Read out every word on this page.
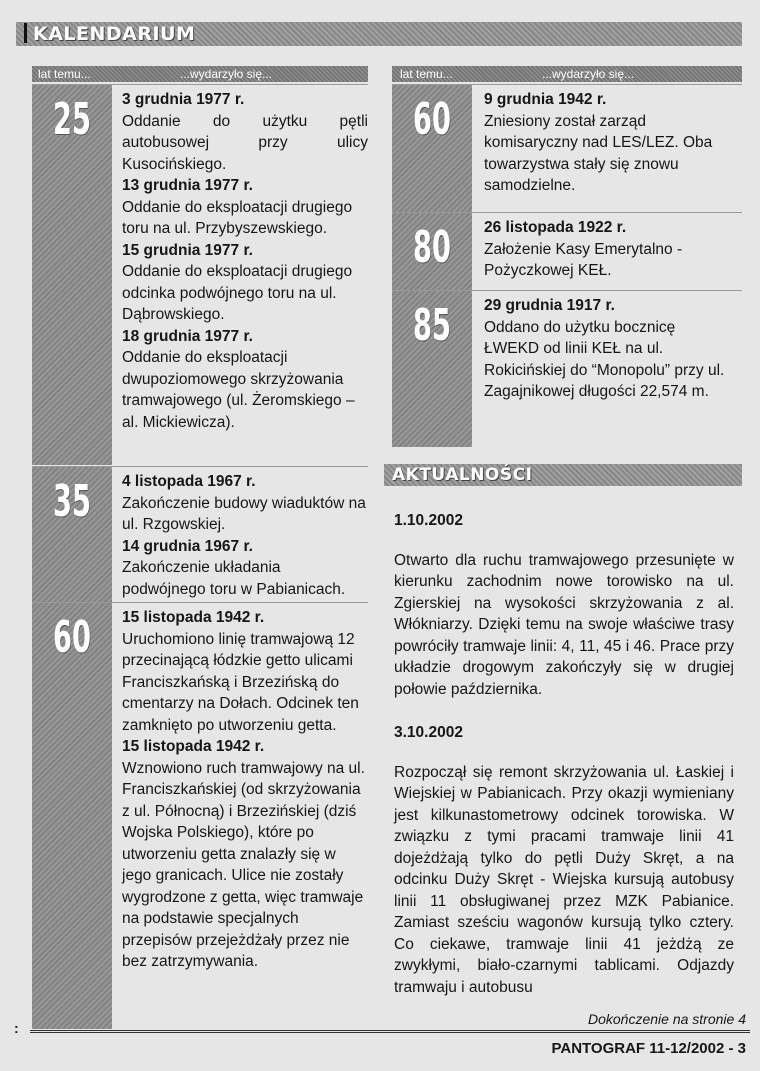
KALENDARIUM
lat temu...	...wydarzyło się...	lat temu...	...wydarzyło się...
25	3 grudnia 1977 r.

Oddanie do użytku pętli autobusowej przy ulicy Kusocińskiego.

13 grudnia 1977 r.

Oddanie do eksploatacji drugiego toru na ul. Przybyszewskiego.

15 grudnia 1977 r.

Oddanie do eksploatacji drugiego odcinka podwójnego toru na ul. Dąbrowskiego.

18 grudnia 1977 r.

Oddanie do eksploatacji dwupoziomowego skrzyżowania tramwajowego (ul. Żeromskiego – al. Mickiewicza).

35	4 listopada 1967 r.

Zakończenie budowy wiaduktów na ul. Rzgowskiej.

14 grudnia 1967 r.

Zakończenie układania podwójnego toru w Pabianicach.

60	15 listopada 1942 r.

Uruchomiono linię tramwajową 12 przecinającą łódzkie getto ulicami Franciszkańską i Brzezińską do cmentarzy na Dołach. Odcinek ten zamknięto po utworzeniu getta.

15 listopada 1942 r.

Wznowiono ruch tramwajowy na ul. Franciszkańskiej (od skrzyżowania z ul. Północną) i Brzezińskiej (dziś Wojska Polskiego), które po utworzeniu getta znalazły się w jego granicach. Ulice nie zostały wygrodzone z getta, więc tramwaje na podstawie specjalnych przepisów przejeżdżały przez nie bez zatrzymywania.

60	9 grudnia 1942 r.

Zniesiony został zarząd komisaryczny nad LES/LEZ. Oba towarzystwa stały się znowu samodzielne.

80	26 listopada 1922 r.

Założenie Kasy Emerytalno - Pożyczkowej KEŁ.

85	29 grudnia 1917 r.

Oddano do użytku bocznicę ŁWEKD od linii KEŁ na ul. Rokicińskiej do “Monopolu” przy ul. Zagajnikowej długości 22,574 m.

AKTUALNOŚCI

1.10.2002

Otwarto dla ruchu tramwajowego przesunięte w kierunku zachodnim nowe torowisko na ul. Zgierskiej na wysokości skrzyżowania z al. Włókniarzy. Dzięki temu na swoje właściwe trasy powróciły tramwaje linii: 4, 11, 45 i 46. Prace przy układzie drogowym zakończyły się w drugiej połowie października.

3.10.2002

Rozpoczął się remont skrzyżowania ul. Łaskiej i Wiejskiej w Pabianicach. Przy okazji wymieniany jest kilkunastometrowy odcinek torowiska. W związku z tymi pracami tramwaje linii 41 dojeżdżają tylko do pętli Duży Skręt, a na odcinku Duży Skręt - Wiejska kursują autobusy linii 11 obsługiwanej przez MZK Pabianice. Zamiast sześciu wagonów kursują tylko cztery. Co ciekawe, tramwaje linii 41 jeżdżą ze zwykłymi, biało-czarnymi tablicami. Odjazdy tramwaju i autobusu

Dokończenie na stronie 4
:
PANTOGRAF 11-12/2002 - 3
